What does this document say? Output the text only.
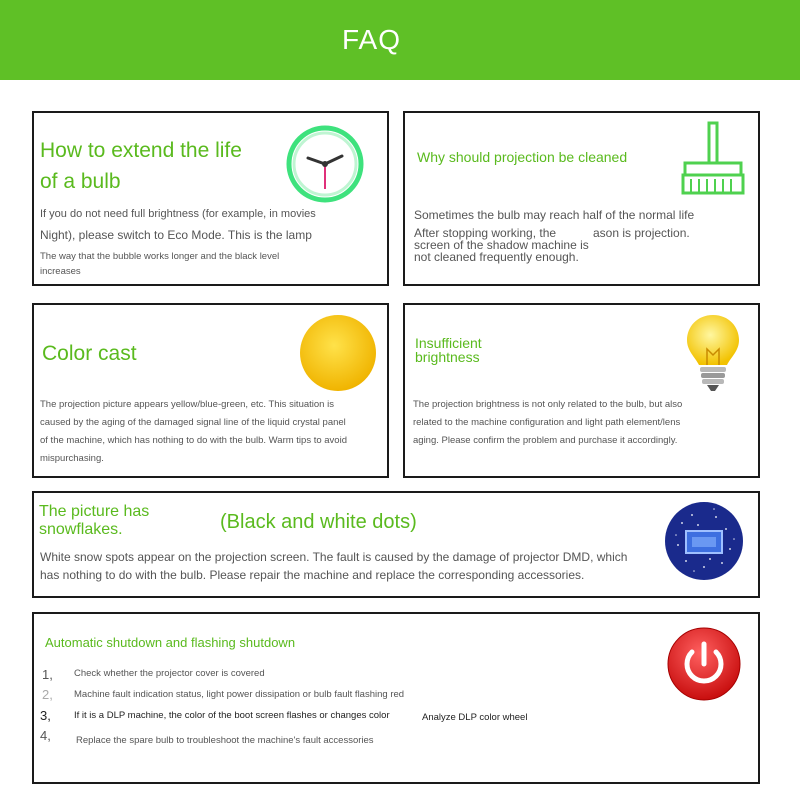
FAQ
How to extend the life of a bulb
If you do not need full brightness (for example, in movies
Night), please switch to Eco Mode. This is the lamp
The way that the bubble works longer and the black level
increases
Why should projection be cleaned
Sometimes the bulb may reach half of the normal life
After stopping working, the	ason is projection.
screen of the shadow machine is
not cleaned frequently enough.
Color cast
The projection picture appears yellow/blue-green, etc. This situation is
caused by the aging of the damaged signal line of the liquid crystal panel
of the machine, which has nothing to do with the bulb. Warm tips to avoid
mispurchasing.
Insufficient
brightness
The projection brightness is not only related to the bulb, but also
related to the machine configuration and light path element/lens
aging. Please confirm the problem and purchase it accordingly.
The picture has
snowflakes.	(Black and white dots)
White snow spots appear on the projection screen. The fault is caused by the damage of projector DMD, which
has nothing to do with the bulb. Please repair the machine and replace the corresponding accessories.
Automatic shutdown and flashing shutdown
1, Check whether the projector cover is covered
2, Machine fault indication status, light power dissipation or bulb fault flashing red
3, If it is a DLP machine, the color of the boot screen flashes or changes color	Analyze DLP color wheel
4,	Replace the spare bulb to troubleshoot the machine's fault accessories
